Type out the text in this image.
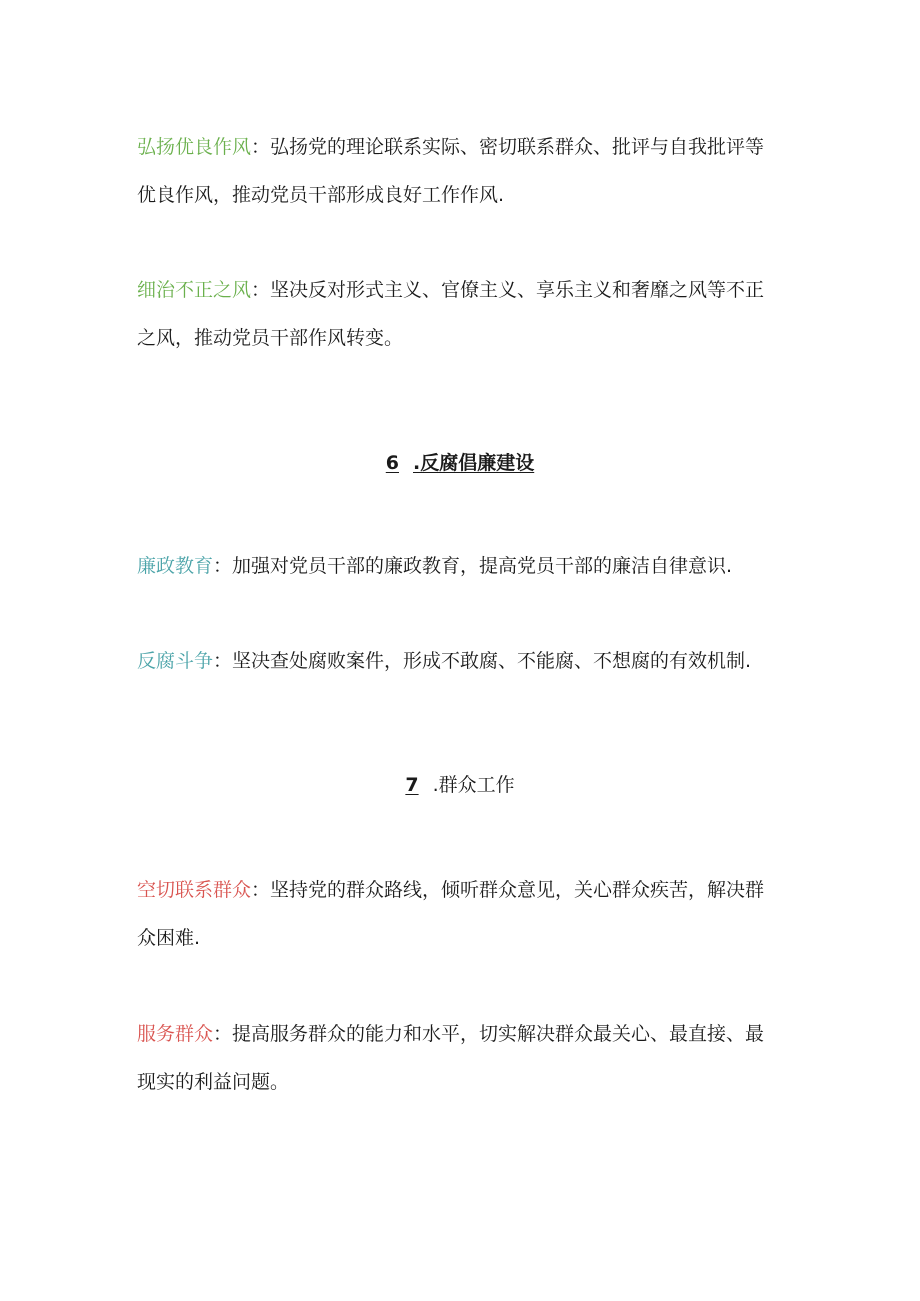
弘扬优良作风：弘扬党的理论联系实际、密切联系群众、批评与自我批评等优良作风，推动党员干部形成良好工作作风.

细治不正之风：坚决反对形式主义、官僚主义、享乐主义和奢靡之风等不正之风，推动党员干部作风转变。

6 .反腐倡廉建设

廉政教育：加强对党员干部的廉政教育，提高党员干部的廉洁自律意识.

反腐斗争：坚决查处腐败案件，形成不敢腐、不能腐、不想腐的有效机制.

7 .群众工作

空切联系群众：坚持党的群众路线，倾听群众意见，关心群众疾苦，解决群众困难.

服务群众：提高服务群众的能力和水平，切实解决群众最关心、最直接、最现实的利益问题。
